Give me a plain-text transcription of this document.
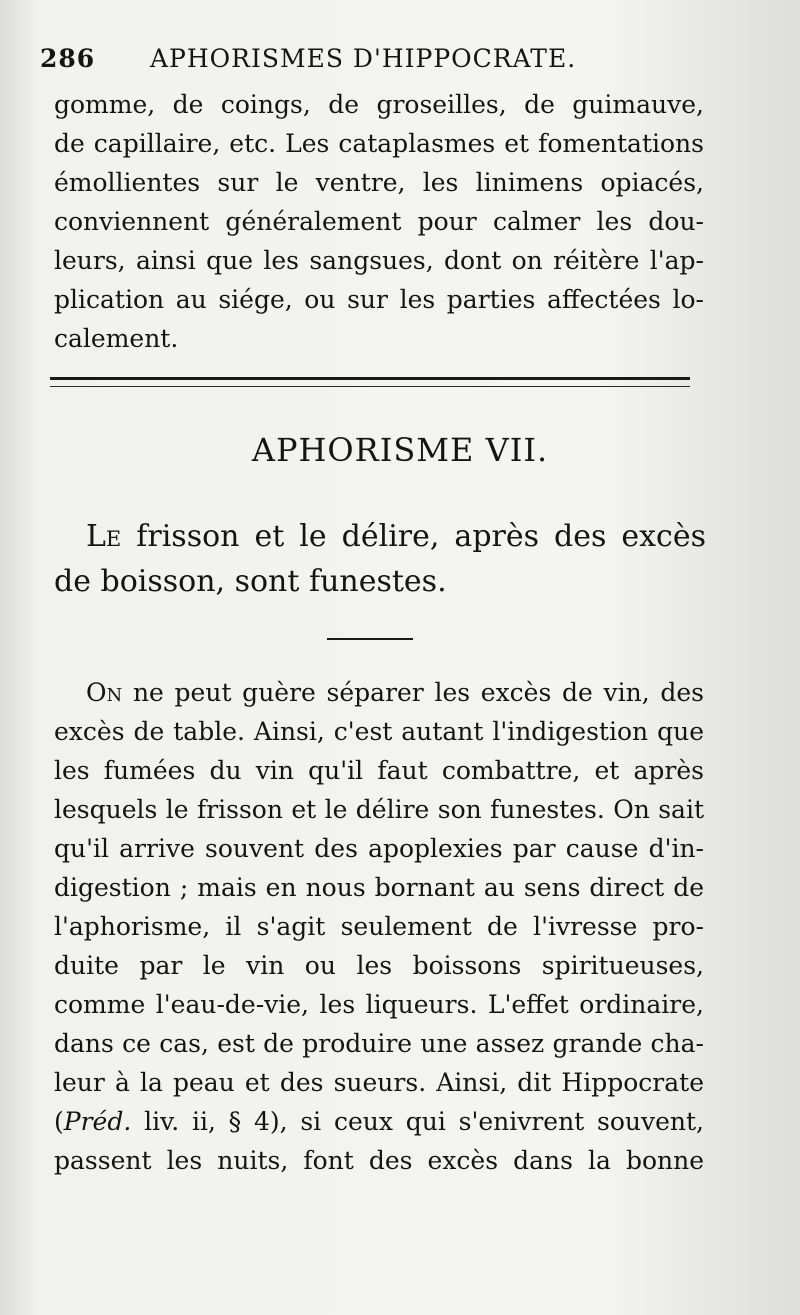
286 APHORISMES D'HIPPOCRATE.
gomme, de coings, de groseilles, de guimauve,
de capillaire, etc. Les cataplasmes et fomentations
émollientes sur le ventre, les linimens opiacés,
conviennent généralement pour calmer les dou-
leurs, ainsi que les sangsues, dont on réitère l'ap-
plication au siége, ou sur les parties affectées lo-
calement.
APHORISME VII.
Le frisson et le délire, après des excès
de boisson, sont funestes.
On ne peut guère séparer les excès de vin, des
excès de table. Ainsi, c'est autant l'indigestion que
les fumées du vin qu'il faut combattre, et après
lesquels le frisson et le délire son funestes. On sait
qu'il arrive souvent des apoplexies par cause d'in-
digestion ; mais en nous bornant au sens direct de
l'aphorisme, il s'agit seulement de l'ivresse pro-
duite par le vin ou les boissons spiritueuses,
comme l'eau-de-vie, les liqueurs. L'effet ordinaire,
dans ce cas, est de produire une assez grande cha-
leur à la peau et des sueurs. Ainsi, dit Hippocrate
(Préd. liv. ii, § 4), si ceux qui s'enivrent souvent,
passent les nuits, font des excès dans la bonne
